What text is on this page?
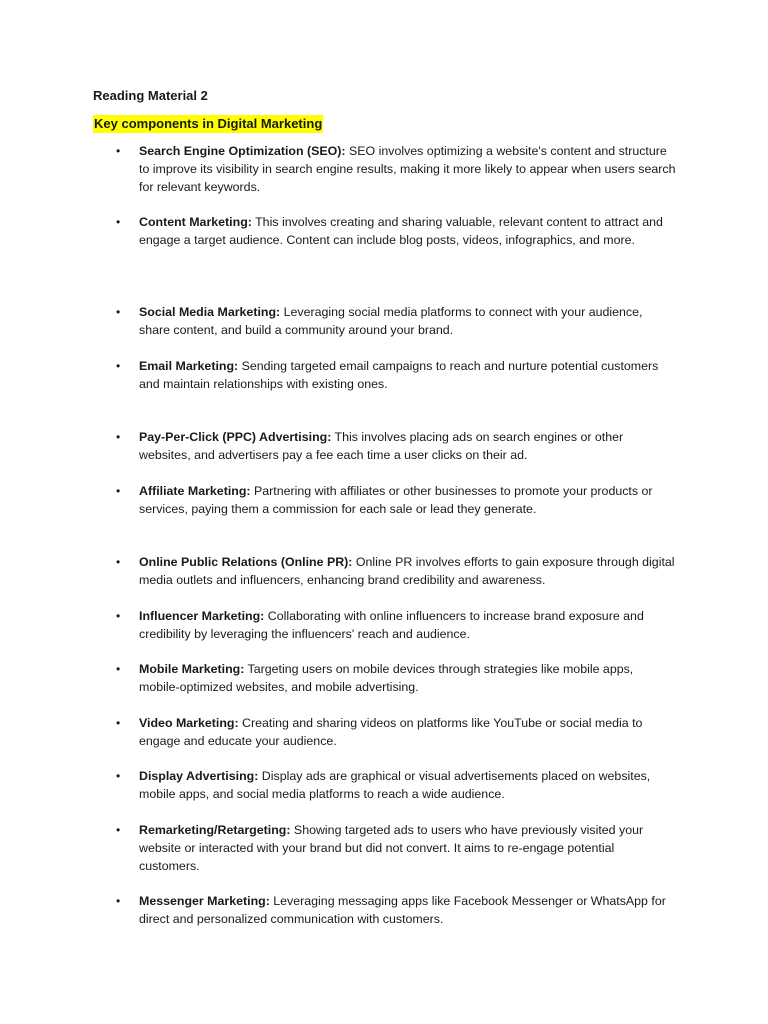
Reading Material 2

Key components in Digital Marketing

• Search Engine Optimization (SEO): SEO involves optimizing a website's content and structure to improve its visibility in search engine results, making it more likely to appear when users search for relevant keywords.
• Content Marketing: This involves creating and sharing valuable, relevant content to attract and engage a target audience. Content can include blog posts, videos, infographics, and more.
• Social Media Marketing: Leveraging social media platforms to connect with your audience, share content, and build a community around your brand.
• Email Marketing: Sending targeted email campaigns to reach and nurture potential customers and maintain relationships with existing ones.
• Pay-Per-Click (PPC) Advertising: This involves placing ads on search engines or other websites, and advertisers pay a fee each time a user clicks on their ad.
• Affiliate Marketing: Partnering with affiliates or other businesses to promote your products or services, paying them a commission for each sale or lead they generate.
• Online Public Relations (Online PR): Online PR involves efforts to gain exposure through digital media outlets and influencers, enhancing brand credibility and awareness.
• Influencer Marketing: Collaborating with online influencers to increase brand exposure and credibility by leveraging the influencers' reach and audience.
• Mobile Marketing: Targeting users on mobile devices through strategies like mobile apps, mobile-optimized websites, and mobile advertising.
• Video Marketing: Creating and sharing videos on platforms like YouTube or social media to engage and educate your audience.
• Display Advertising: Display ads are graphical or visual advertisements placed on websites, mobile apps, and social media platforms to reach a wide audience.
• Remarketing/Retargeting: Showing targeted ads to users who have previously visited your website or interacted with your brand but did not convert. It aims to re-engage potential customers.
• Messenger Marketing: Leveraging messaging apps like Facebook Messenger or WhatsApp for direct and personalized communication with customers.
